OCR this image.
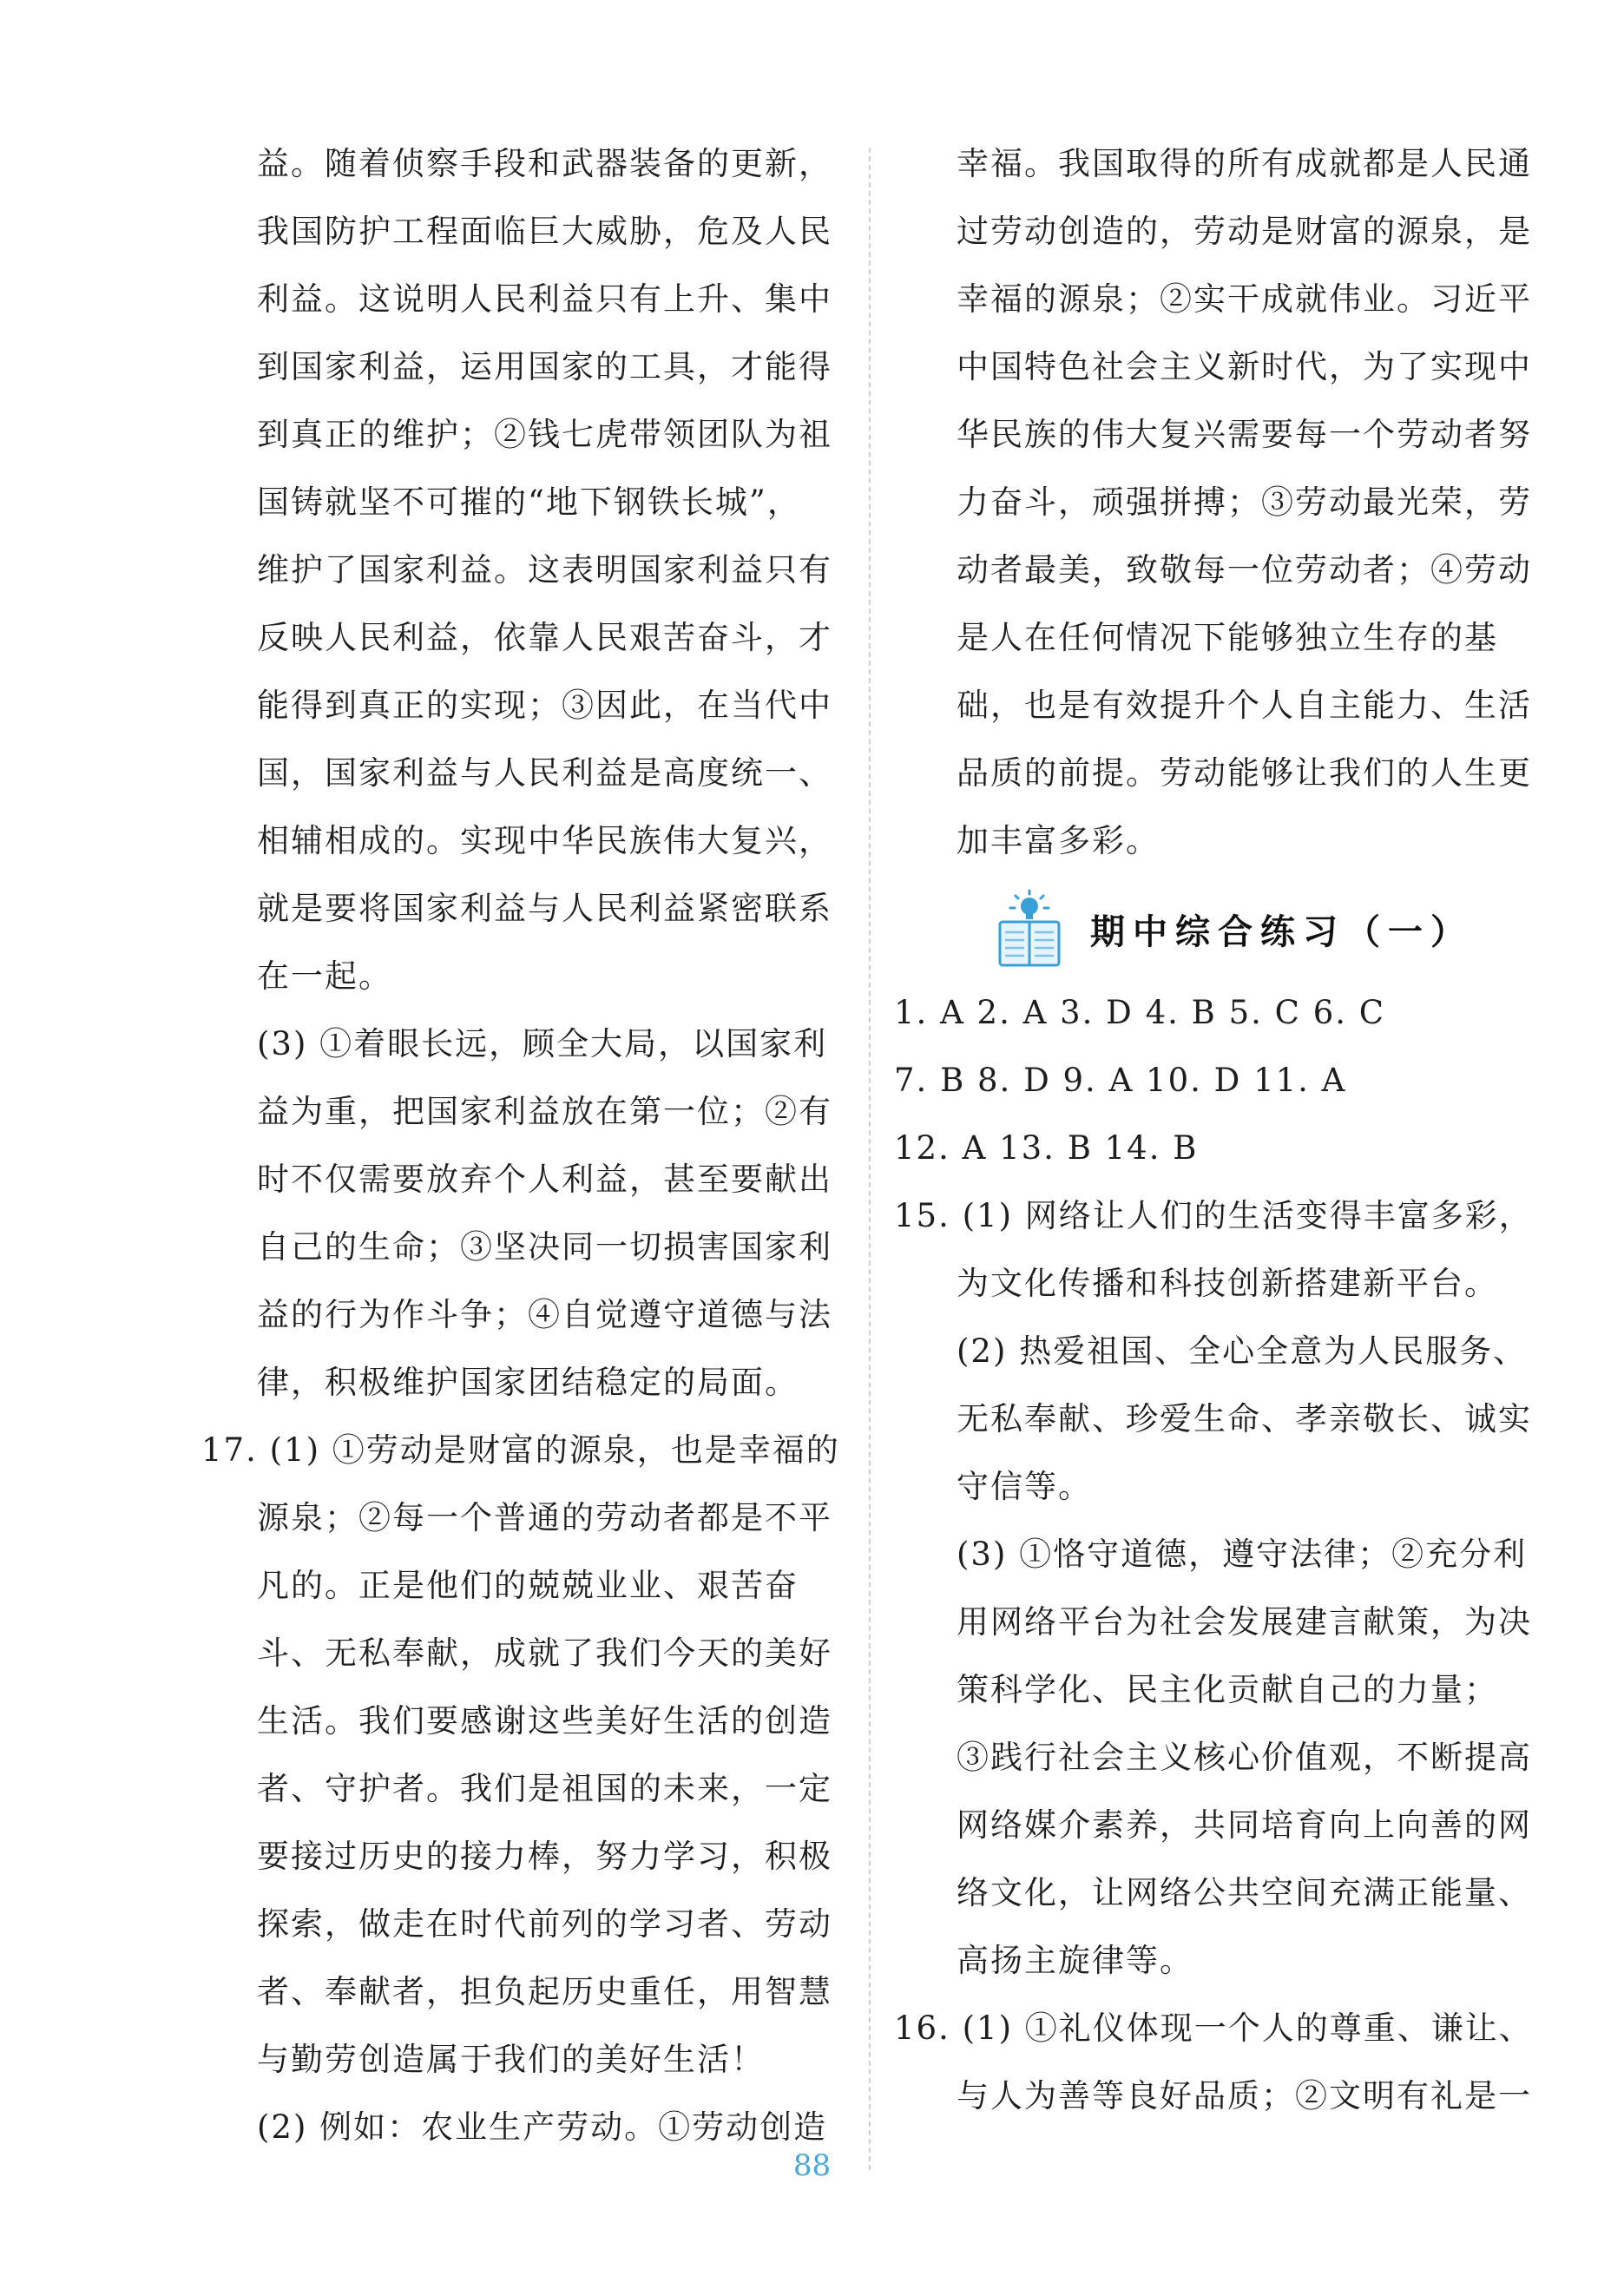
益。随着侦察手段和武器装备的更新，
我国防护工程面临巨大威胁，危及人民
利益。这说明人民利益只有上升、集中
到国家利益，运用国家的工具，才能得
到真正的维护；②钱七虎带领团队为祖
国铸就坚不可摧的“地下钢铁长城”，
维护了国家利益。这表明国家利益只有
反映人民利益，依靠人民艰苦奋斗，才
能得到真正的实现；③因此，在当代中
国，国家利益与人民利益是高度统一、
相辅相成的。实现中华民族伟大复兴，
就是要将国家利益与人民利益紧密联系
在一起。
(3) ①着眼长远，顾全大局，以国家利
益为重，把国家利益放在第一位；②有
时不仅需要放弃个人利益，甚至要献出
自己的生命；③坚决同一切损害国家利
益的行为作斗争；④自觉遵守道德与法
律，积极维护国家团结稳定的局面。
17. (1) ①劳动是财富的源泉，也是幸福的
源泉；②每一个普通的劳动者都是不平
凡的。正是他们的兢兢业业、艰苦奋
斗、无私奉献，成就了我们今天的美好
生活。我们要感谢这些美好生活的创造
者、守护者。我们是祖国的未来，一定
要接过历史的接力棒，努力学习，积极
探索，做走在时代前列的学习者、劳动
者、奉献者，担负起历史重任，用智慧
与勤劳创造属于我们的美好生活！
(2) 例如：农业生产劳动。①劳动创造
幸福。我国取得的所有成就都是人民通
过劳动创造的，劳动是财富的源泉，是
幸福的源泉；②实干成就伟业。习近平
中国特色社会主义新时代，为了实现中
华民族的伟大复兴需要每一个劳动者努
力奋斗，顽强拼搏；③劳动最光荣，劳
动者最美，致敬每一位劳动者；④劳动
是人在任何情况下能够独立生存的基
础，也是有效提升个人自主能力、生活
品质的前提。劳动能够让我们的人生更
加丰富多彩。
期中综合练习（一）
1. A 2. A 3. D 4. B 5. C 6. C
7. B 8. D 9. A 10. D 11. A
12. A 13. B 14. B
15. (1) 网络让人们的生活变得丰富多彩，
为文化传播和科技创新搭建新平台。
(2) 热爱祖国、全心全意为人民服务、
无私奉献、珍爱生命、孝亲敬长、诚实
守信等。
(3) ①恪守道德，遵守法律；②充分利
用网络平台为社会发展建言献策，为决
策科学化、民主化贡献自己的力量；
③践行社会主义核心价值观，不断提高
网络媒介素养，共同培育向上向善的网
络文化，让网络公共空间充满正能量、
高扬主旋律等。
16. (1) ①礼仪体现一个人的尊重、谦让、
与人为善等良好品质；②文明有礼是一
88
